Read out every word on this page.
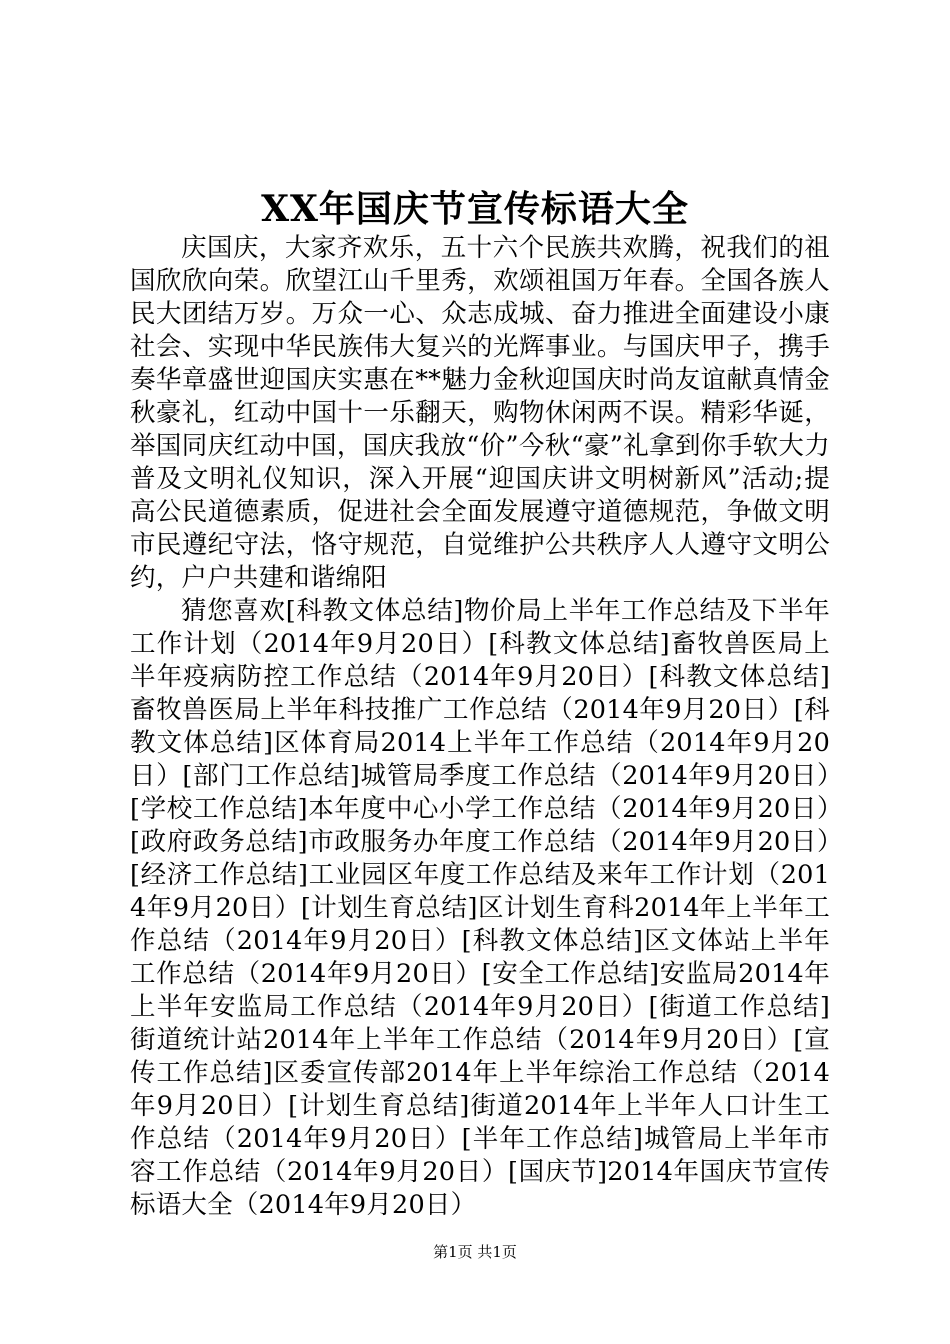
XX年国庆节宣传标语大全

庆国庆，大家齐欢乐，五十六个民族共欢腾，祝我们的祖国欣欣向荣。欣望江山千里秀，欢颂祖国万年春。全国各族人民大团结万岁。万众一心、众志成城、奋力推进全面建设小康社会、实现中华民族伟大复兴的光辉事业。与国庆甲子，携手奏华章盛世迎国庆实惠在**魅力金秋迎国庆时尚友谊献真情金秋豪礼，红动中国十一乐翻天，购物休闲两不误。精彩华诞，举国同庆红动中国，国庆我放“价”今秋“豪”礼拿到你手软大力普及文明礼仪知识，深入开展“迎国庆讲文明树新风”活动;提高公民道德素质，促进社会全面发展遵守道德规范，争做文明市民遵纪守法，恪守规范，自觉维护公共秩序人人遵守文明公约，户户共建和谐绵阳

猜您喜欢[科教文体总结]物价局上半年工作总结及下半年工作计划（2014年9月20日）[科教文体总结]畜牧兽医局上半年疫病防控工作总结（2014年9月20日）[科教文体总结]畜牧兽医局上半年科技推广工作总结（2014年9月20日）[科教文体总结]区体育局2014上半年工作总结（2014年9月20日）[部门工作总结]城管局季度工作总结（2014年9月20日）[学校工作总结]本年度中心小学工作总结（2014年9月20日）[政府政务总结]市政服务办年度工作总结（2014年9月20日）[经济工作总结]工业园区年度工作总结及来年工作计划（2014年9月20日）[计划生育总结]区计划生育科2014年上半年工作总结（2014年9月20日）[科教文体总结]区文体站上半年工作总结（2014年9月20日）[安全工作总结]安监局2014年上半年安监局工作总结（2014年9月20日）[街道工作总结]街道统计站2014年上半年工作总结（2014年9月20日）[宣传工作总结]区委宣传部2014年上半年综治工作总结（2014年9月20日）[计划生育总结]街道2014年上半年人口计生工作总结（2014年9月20日）[半年工作总结]城管局上半年市容工作总结（2014年9月20日）[国庆节]2014年国庆节宣传标语大全（2014年9月20日）

第1页 共1页
